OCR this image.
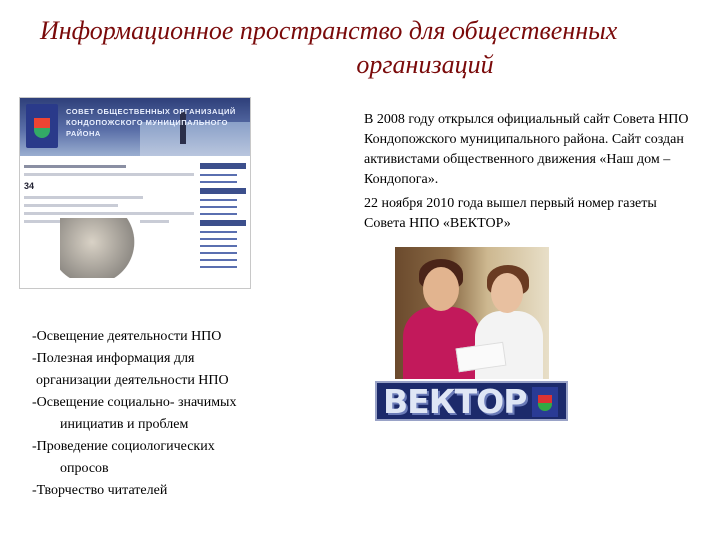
Информационное пространство для общественных
организаций
СОВЕТ ОБЩЕСТВЕННЫХ ОРГАНИЗАЦИЙ
КОНДОПОЖСКОГО МУНИЦИПАЛЬНОГО РАЙОНА
34
-Освещение деятельности НПО
-Полезная информация для
организации деятельности НПО
-Освещение социально- значимых
инициатив и проблем
-Проведение социологических
опросов
-Творчество читателей

В 2008 году открылся официальный сайт Совета НПО Кондопожского муниципального района. Сайт создан активистами общественного движения «Наш дом – Кондопога».

22 ноября 2010 года вышел первый номер газеты Совета НПО «ВЕКТОР»

ВЕКТОР
